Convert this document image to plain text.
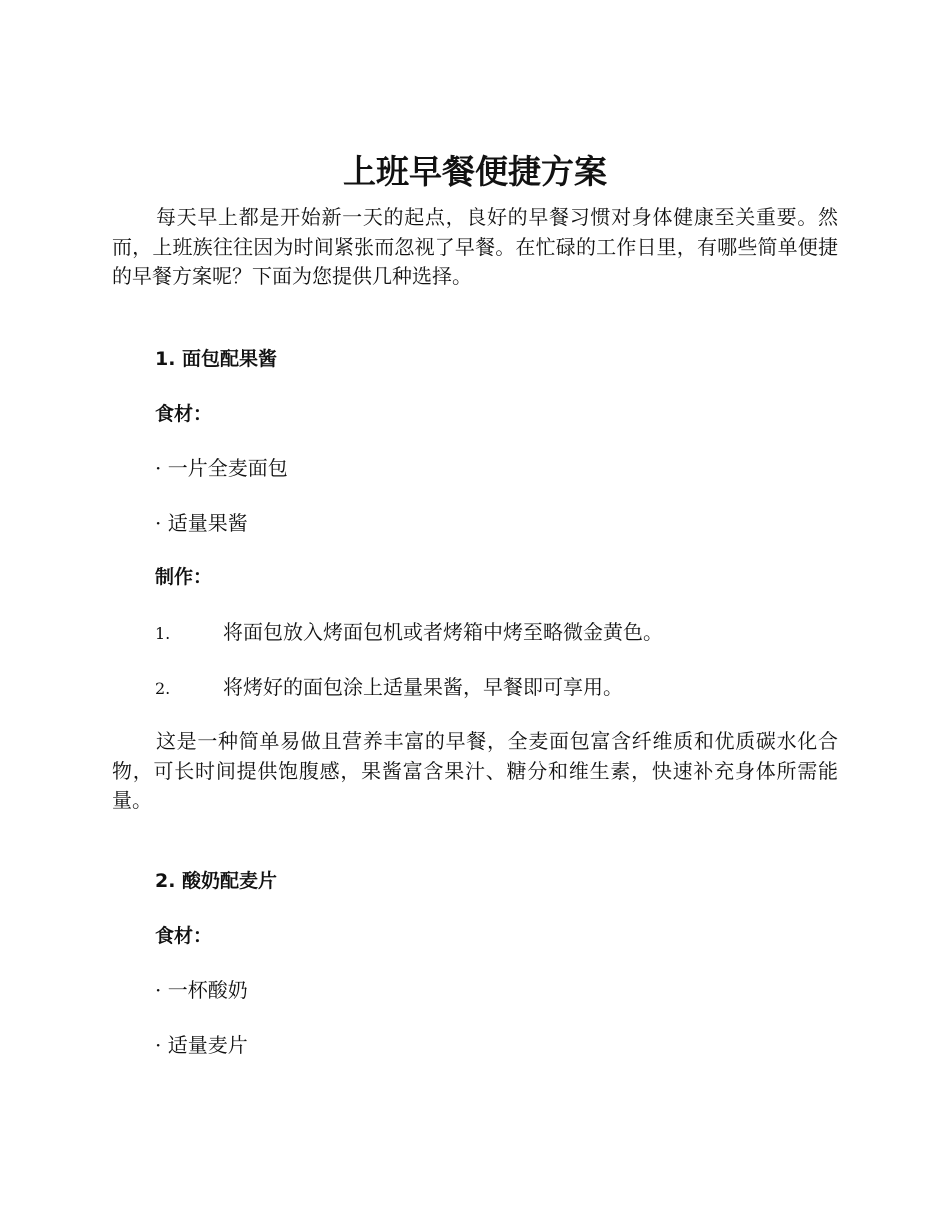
上班早餐便捷方案

每天早上都是开始新一天的起点，良好的早餐习惯对身体健康至关重要。然而，上班族往往因为时间紧张而忽视了早餐。在忙碌的工作日里，有哪些简单便捷的早餐方案呢？下面为您提供几种选择。

1. 面包配果酱

食材：

· 一片全麦面包

· 适量果酱

制作：

1.	将面包放入烤面包机或者烤箱中烤至略微金黄色。

2.	将烤好的面包涂上适量果酱，早餐即可享用。

这是一种简单易做且营养丰富的早餐，全麦面包富含纤维质和优质碳水化合物，可长时间提供饱腹感，果酱富含果汁、糖分和维生素，快速补充身体所需能量。

2. 酸奶配麦片

食材：

· 一杯酸奶

· 适量麦片
